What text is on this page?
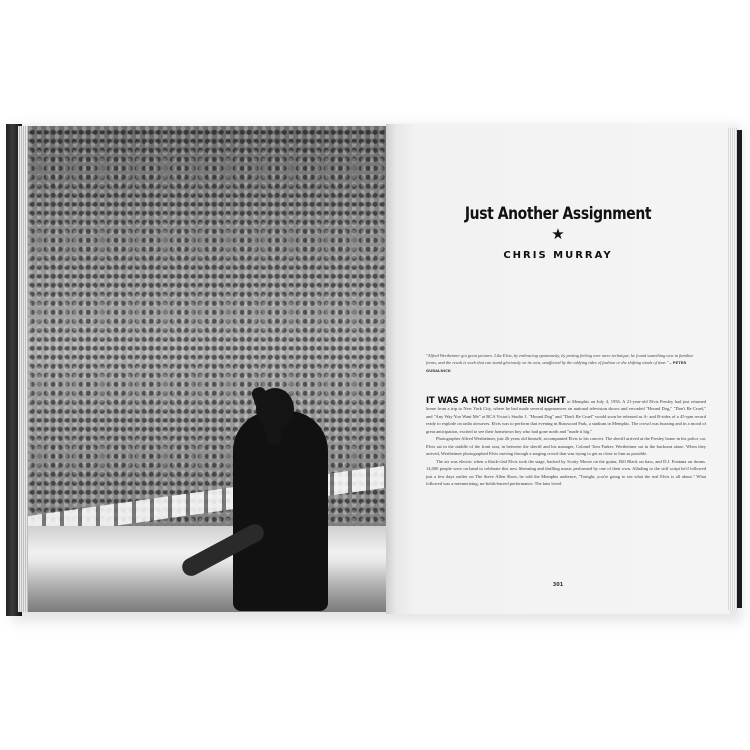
Just Another Assignment
★
CHRIS MURRAY
"Alfred Wertheimer got great pictures. Like Elvis, by embracing spontaneity, by prizing feeling over mere technique, he found something new in familiar forms, and the result is work that can stand gloriously on its own, unaffected by the eddying tides of fashion or the shifting winds of time." – PETER GURALNICK

IT WAS A HOT SUMMER NIGHT in Memphis on July 4, 1956. A 21-year-old Elvis Presley had just returned home from a trip to New York City, where he had made several appearances on national television shows and recorded "Hound Dog," "Don't Be Cruel," and "Any Way You Want Me" at RCA Victor's Studio 1. "Hound Dog" and "Don't Be Cruel" would soon be released as A- and B-sides of a 45-rpm record ready to explode on radio airwaves. Elvis was to perform that evening in Russwood Park, a stadium in Memphis. The crowd was buzzing and in a mood of great anticipation, excited to see their hometown boy who had gone north and "made it big."

Photographer Alfred Wertheimer, just 26 years old himself, accompanied Elvis to his concert. The sheriff arrived at the Presley home in his police car. Elvis sat in the middle of the front seat, in between the sheriff and his manager, Colonel Tom Parker. Wertheimer sat in the backseat alone. When they arrived, Wertheimer photographed Elvis moving through a surging crowd that was trying to get as close to him as possible.

The air was electric when a black-clad Elvis took the stage, backed by Scotty Moore on the guitar, Bill Black on bass, and D.J. Fontana on drums. 14,000 people were on hand to celebrate this new liberating and thrilling music performed by one of their own. Alluding to the stiff script he'd followed just a few days earlier on The Steve Allen Show, he told the Memphis audience, "Tonight, you're going to see what the real Elvis is all about." What followed was a mesmerizing, no-holds-barred performance. The fans loved

301
